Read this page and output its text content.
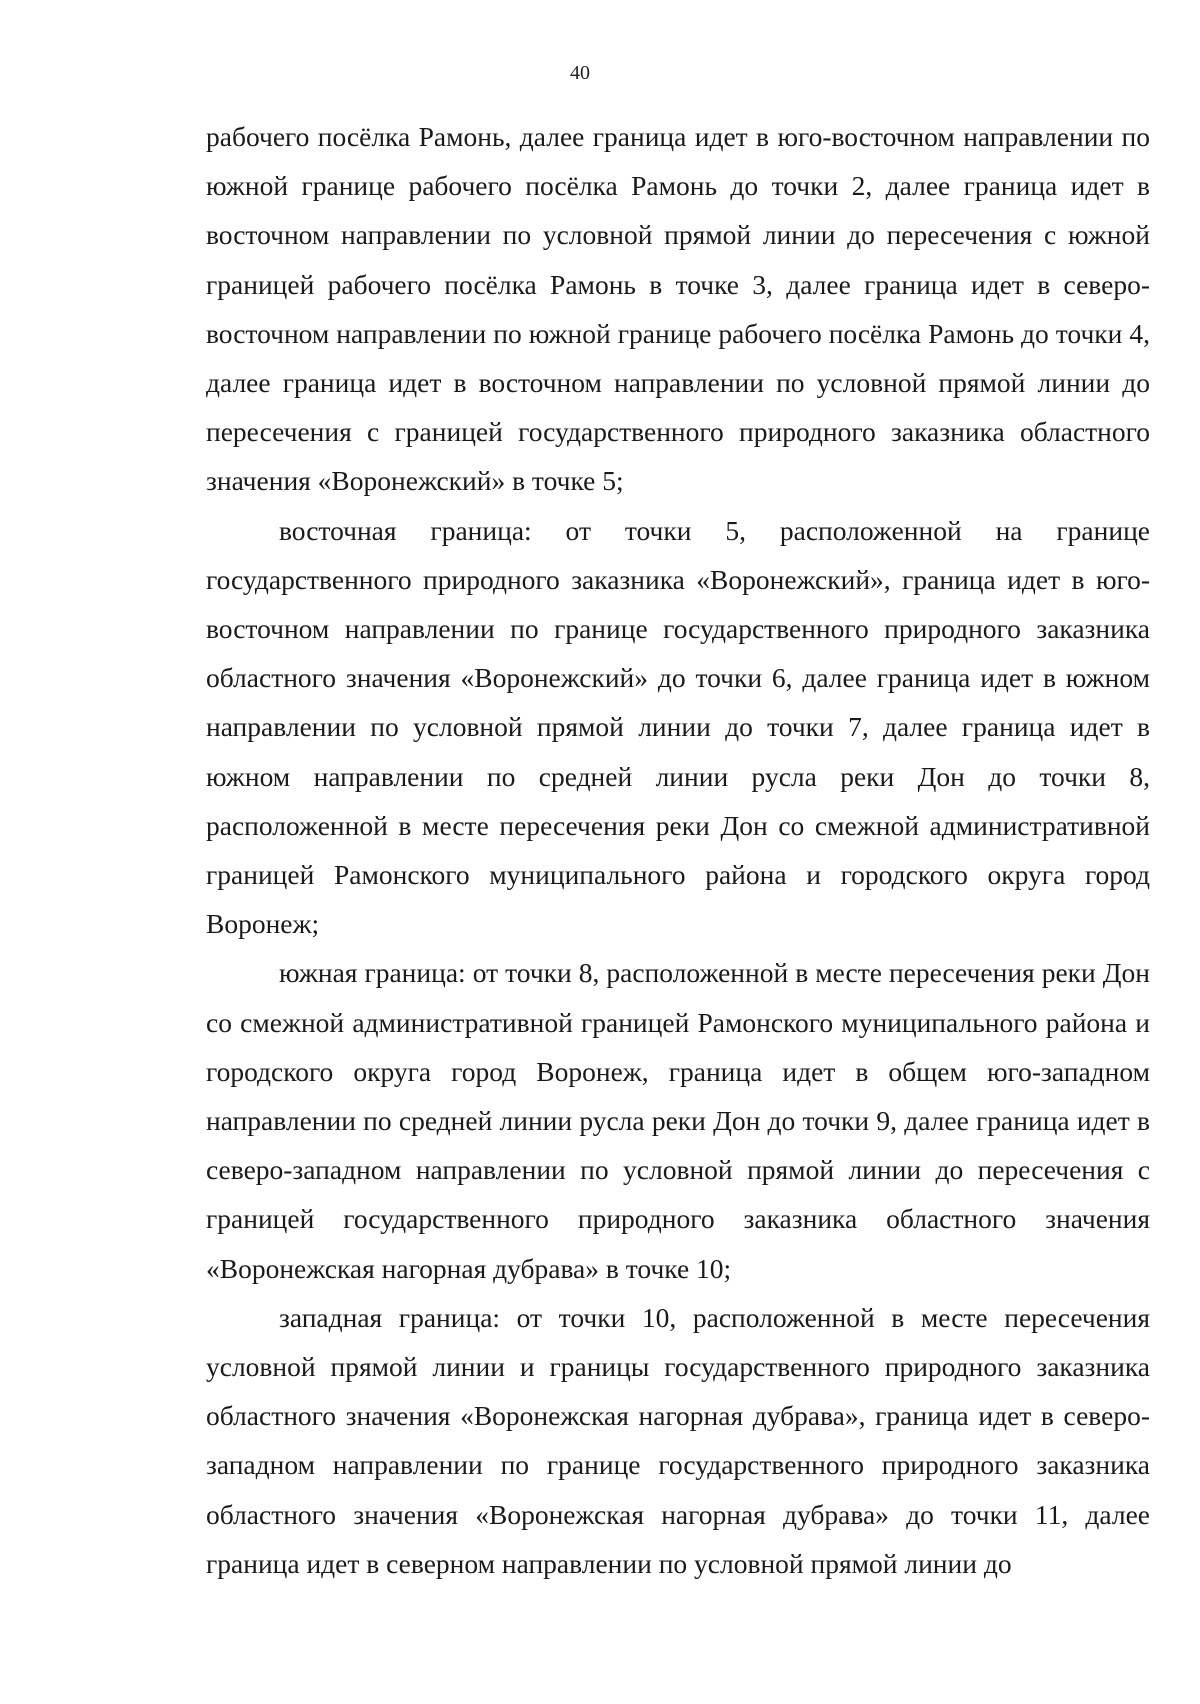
40

рабочего посёлка Рамонь, далее граница идет в юго-восточном направлении по южной границе рабочего посёлка Рамонь до точки 2, далее граница идет в восточном направлении по условной прямой линии до пересечения с южной границей рабочего посёлка Рамонь в точке 3, далее граница идет в северо-восточном направлении по южной границе рабочего посёлка Рамонь до точки 4, далее граница идет в восточном направлении по условной прямой линии до пересечения с границей государственного природного заказника областного значения «Воронежский» в точке 5;

восточная граница: от точки 5, расположенной на границе государственного природного заказника «Воронежский», граница идет в юго-восточном направлении по границе государственного природного заказника областного значения «Воронежский» до точки 6, далее граница идет в южном направлении по условной прямой линии до точки 7, далее граница идет в южном направлении по средней линии русла реки Дон до точки 8, расположенной в месте пересечения реки Дон со смежной административной границей Рамонского муниципального района и городского округа город Воронеж;

южная граница: от точки 8, расположенной в месте пересечения реки Дон со смежной административной границей Рамонского муниципального района и городского округа город Воронеж, граница идет в общем юго-западном направлении по средней линии русла реки Дон до точки 9, далее граница идет в северо-западном направлении по условной прямой линии до пересечения с границей государственного природного заказника областного значения «Воронежская нагорная дубрава» в точке 10;

западная граница: от точки 10, расположенной в месте пересечения условной прямой линии и границы государственного природного заказника областного значения «Воронежская нагорная дубрава», граница идет в северо-западном направлении по границе государственного природного заказника областного значения «Воронежская нагорная дубрава» до точки 11, далее граница идет в северном направлении по условной прямой линии до
